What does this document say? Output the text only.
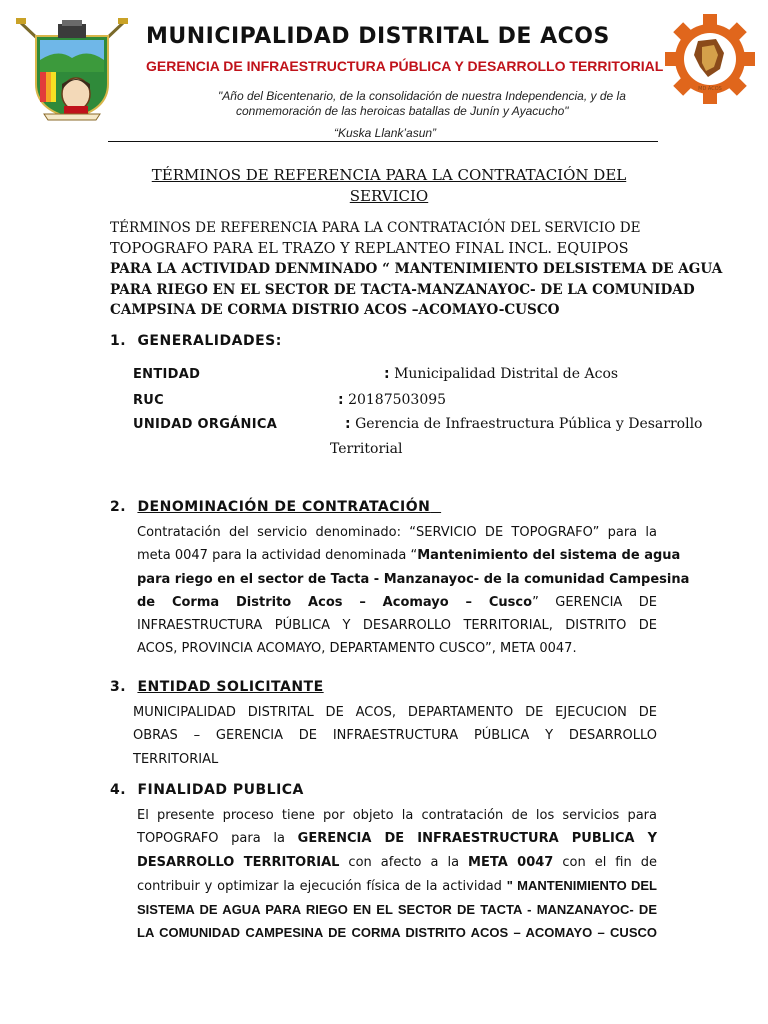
MUNICIPALIDAD DISTRITAL DE ACOS
GERENCIA DE INFRAESTRUCTURA PÚBLICA Y DESARROLLO TERRITORIAL
"Año del Bicentenario, de la consolidación de nuestra Independencia, y de la
conmemoración de las heroicas batallas de Junín y Ayacucho"
“Kuska Llank’asun”
MD ACOS
TÉRMINOS DE REFERENCIA PARA LA CONTRATACIÓN DEL
SERVICIO
TÉRMINOS DE REFERENCIA PARA LA CONTRATACIÓN DEL SERVICIO DE
TOPOGRAFO PARA EL TRAZO Y REPLANTEO FINAL INCL. EQUIPOS
PARA LA ACTIVIDAD DENMINADO “ MANTENIMIENTO DELSISTEMA DE AGUA
PARA RIEGO EN EL SECTOR DE TACTA-MANZANAYOC- DE LA COMUNIDAD
CAMPSINA DE CORMA DISTRIO ACOS –ACOMAYO-CUSCO
1. GENERALIDADES:
ENTIDAD	: Municipalidad Distrital de Acos
RUC	: 20187503095
UNIDAD ORGÁNICA	: Gerencia de Infraestructura Pública y Desarrollo
Territorial
2. DENOMINACIÓN DE CONTRATACIÓN
Contratación del servicio denominado: “SERVICIO DE TOPOGRAFO” para la
meta 0047 para la actividad denominada “Mantenimiento del sistema de agua
para riego en el sector de Tacta - Manzanayoc- de la comunidad Campesina
de Corma Distrito Acos – Acomayo – Cusco” GERENCIA DE
INFRAESTRUCTURA PÚBLICA Y DESARROLLO TERRITORIAL, DISTRITO DE
ACOS, PROVINCIA ACOMAYO, DEPARTAMENTO CUSCO”, META 0047.
3. ENTIDAD SOLICITANTE
MUNICIPALIDAD DISTRITAL DE ACOS, DEPARTAMENTO DE EJECUCION DE
OBRAS – GERENCIA DE INFRAESTRUCTURA PÚBLICA Y DESARROLLO
TERRITORIAL
4. FINALIDAD PUBLICA
El presente proceso tiene por objeto la contratación de los servicios para
TOPOGRAFO para la GERENCIA DE INFRAESTRUCTURA PUBLICA Y
DESARROLLO TERRITORIAL con afecto a la META 0047 con el fin de
contribuir y optimizar la ejecución física de la actividad " MANTENIMIENTO DEL
SISTEMA DE AGUA PARA RIEGO EN EL SECTOR DE TACTA - MANZANAYOC- DE
LA COMUNIDAD CAMPESINA DE CORMA DISTRITO ACOS – ACOMAYO – CUSCO
